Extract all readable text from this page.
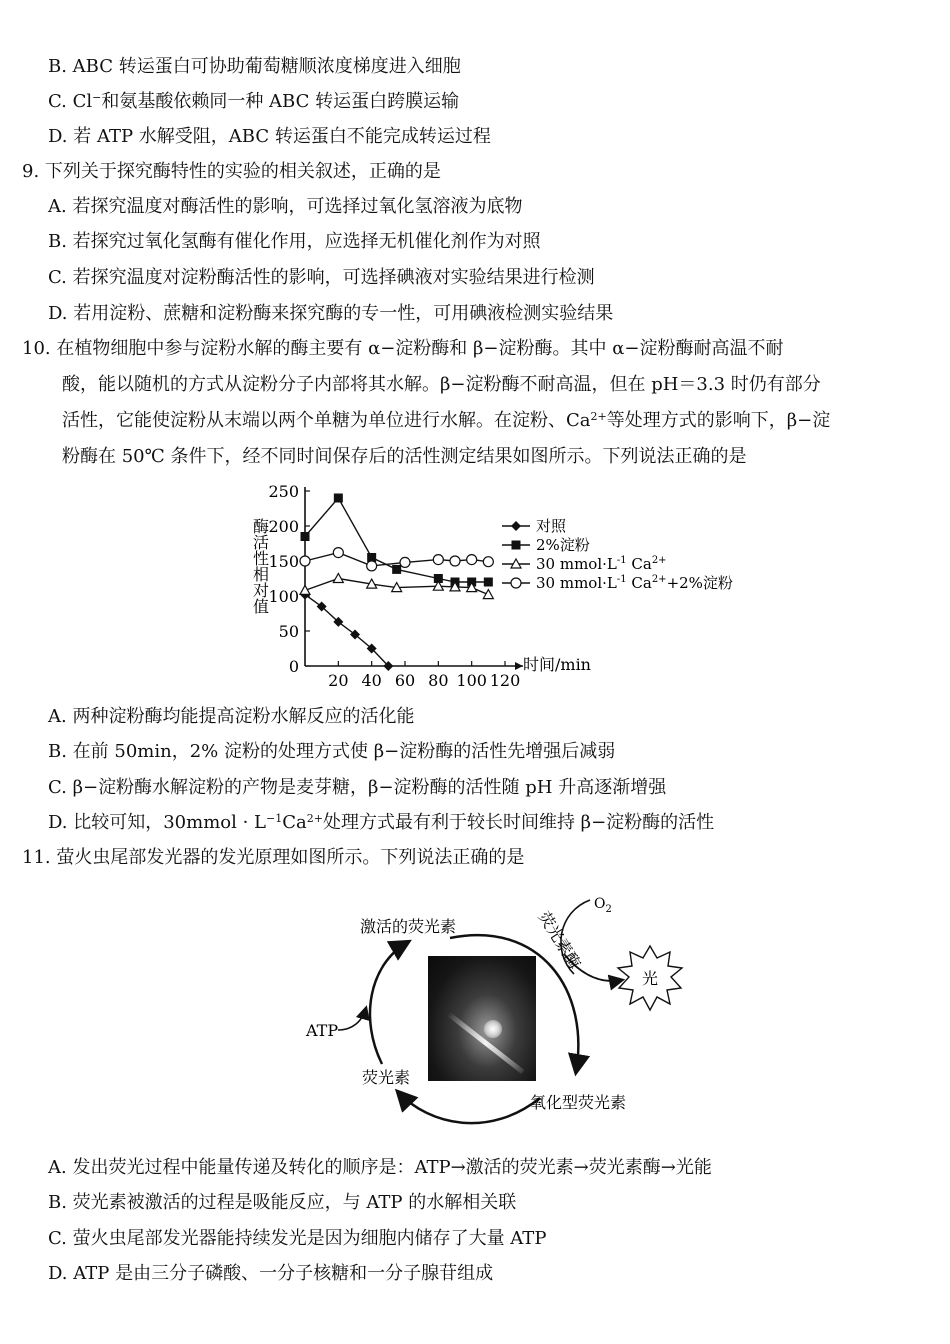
B. ABC 转运蛋白可协助葡萄糖顺浓度梯度进入细胞
C. Cl−和氨基酸依赖同一种 ABC 转运蛋白跨膜运输
D. 若 ATP 水解受阻，ABC 转运蛋白不能完成转运过程
9. 下列关于探究酶特性的实验的相关叙述，正确的是
A. 若探究温度对酶活性的影响，可选择过氧化氢溶液为底物
B. 若探究过氧化氢酶有催化作用，应选择无机催化剂作为对照
C. 若探究温度对淀粉酶活性的影响，可选择碘液对实验结果进行检测
D. 若用淀粉、蔗糖和淀粉酶来探究酶的专一性，可用碘液检测实验结果
10. 在植物细胞中参与淀粉水解的酶主要有 α−淀粉酶和 β−淀粉酶。其中 α−淀粉酶耐高温不耐
酸，能以随机的方式从淀粉分子内部将其水解。β−淀粉酶不耐高温，但在 pH＝3.3 时仍有部分
活性，它能使淀粉从末端以两个单糖为单位进行水解。在淀粉、$Ca^{2+}$等处理方式的影响下，β−淀
粉酶在 50℃ 条件下，经不同时间保存后的活性测定结果如图所示。下列说法正确的是
0
50
100
150
200
250
20 40 60 80 100 120
对照
2%淀粉
30 $mmol\cdot L^{-1}$ $Ca^{2+}$
30 $mmol\cdot L^{-1}$ $Ca^{2+}+2\%$淀粉
酶活性相对值
时间/min
A. 两种淀粉酶均能提高淀粉水解反应的活化能
B. 在前 50min，2% 淀粉的处理方式使 β−淀粉酶的活性先增强后减弱
C. β−淀粉酶水解淀粉的产物是麦芽糖，β−淀粉酶的活性随 pH 升高逐渐增强
D. 比较可知，30mmol · $L^{-1}Ca^{2+}$处理方式最有利于较长时间维持 β−淀粉酶的活性
11. 萤火虫尾部发光器的发光原理如图所示。下列说法正确的是
激活的荧光素
ATP
荧光素
氧化型荧光素
荧光素酶
$O_2$
光
A. 发出荧光过程中能量传递及转化的顺序是：ATP→激活的荧光素→荧光素酶→光能
B. 荧光素被激活的过程是吸能反应，与 ATP 的水解相关联
C. 萤火虫尾部发光器能持续发光是因为细胞内储存了大量 ATP
D. ATP 是由三分子磷酸、一分子核糖和一分子腺苷组成
